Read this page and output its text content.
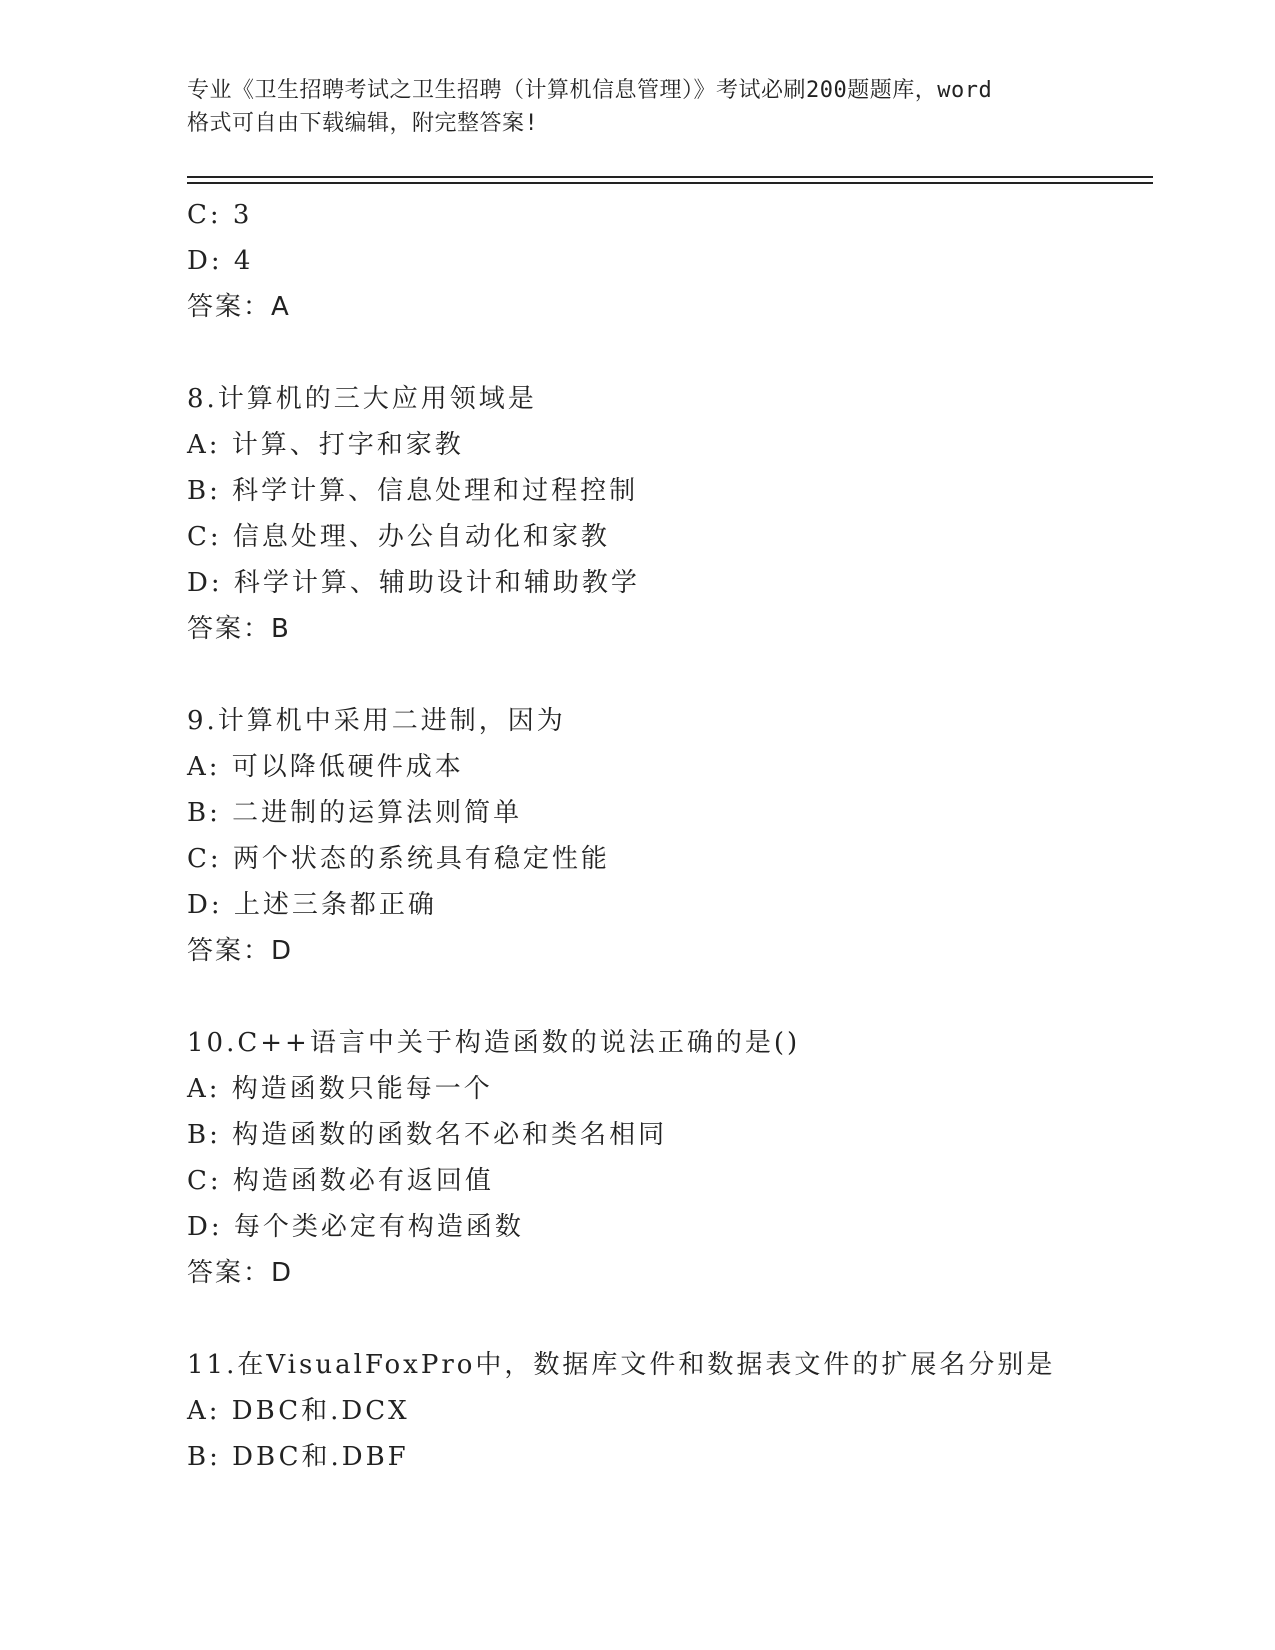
专业《卫生招聘考试之卫生招聘（计算机信息管理）》考试必刷200题题库，word
格式可自由下载编辑，附完整答案!
C: 3
D: 4
答案：A
8.计算机的三大应用领域是
A: 计算、打字和家教
B: 科学计算、信息处理和过程控制
C: 信息处理、办公自动化和家教
D: 科学计算、辅助设计和辅助教学
答案：B
9.计算机中采用二进制，因为
A: 可以降低硬件成本
B: 二进制的运算法则简单
C: 两个状态的系统具有稳定性能
D: 上述三条都正确
答案：D
10.C++语言中关于构造函数的说法正确的是()
A: 构造函数只能每一个
B: 构造函数的函数名不必和类名相同
C: 构造函数必有返回值
D: 每个类必定有构造函数
答案：D
11.在VisualFoxPro中，数据库文件和数据表文件的扩展名分别是
A: DBC和.DCX
B: DBC和.DBF
